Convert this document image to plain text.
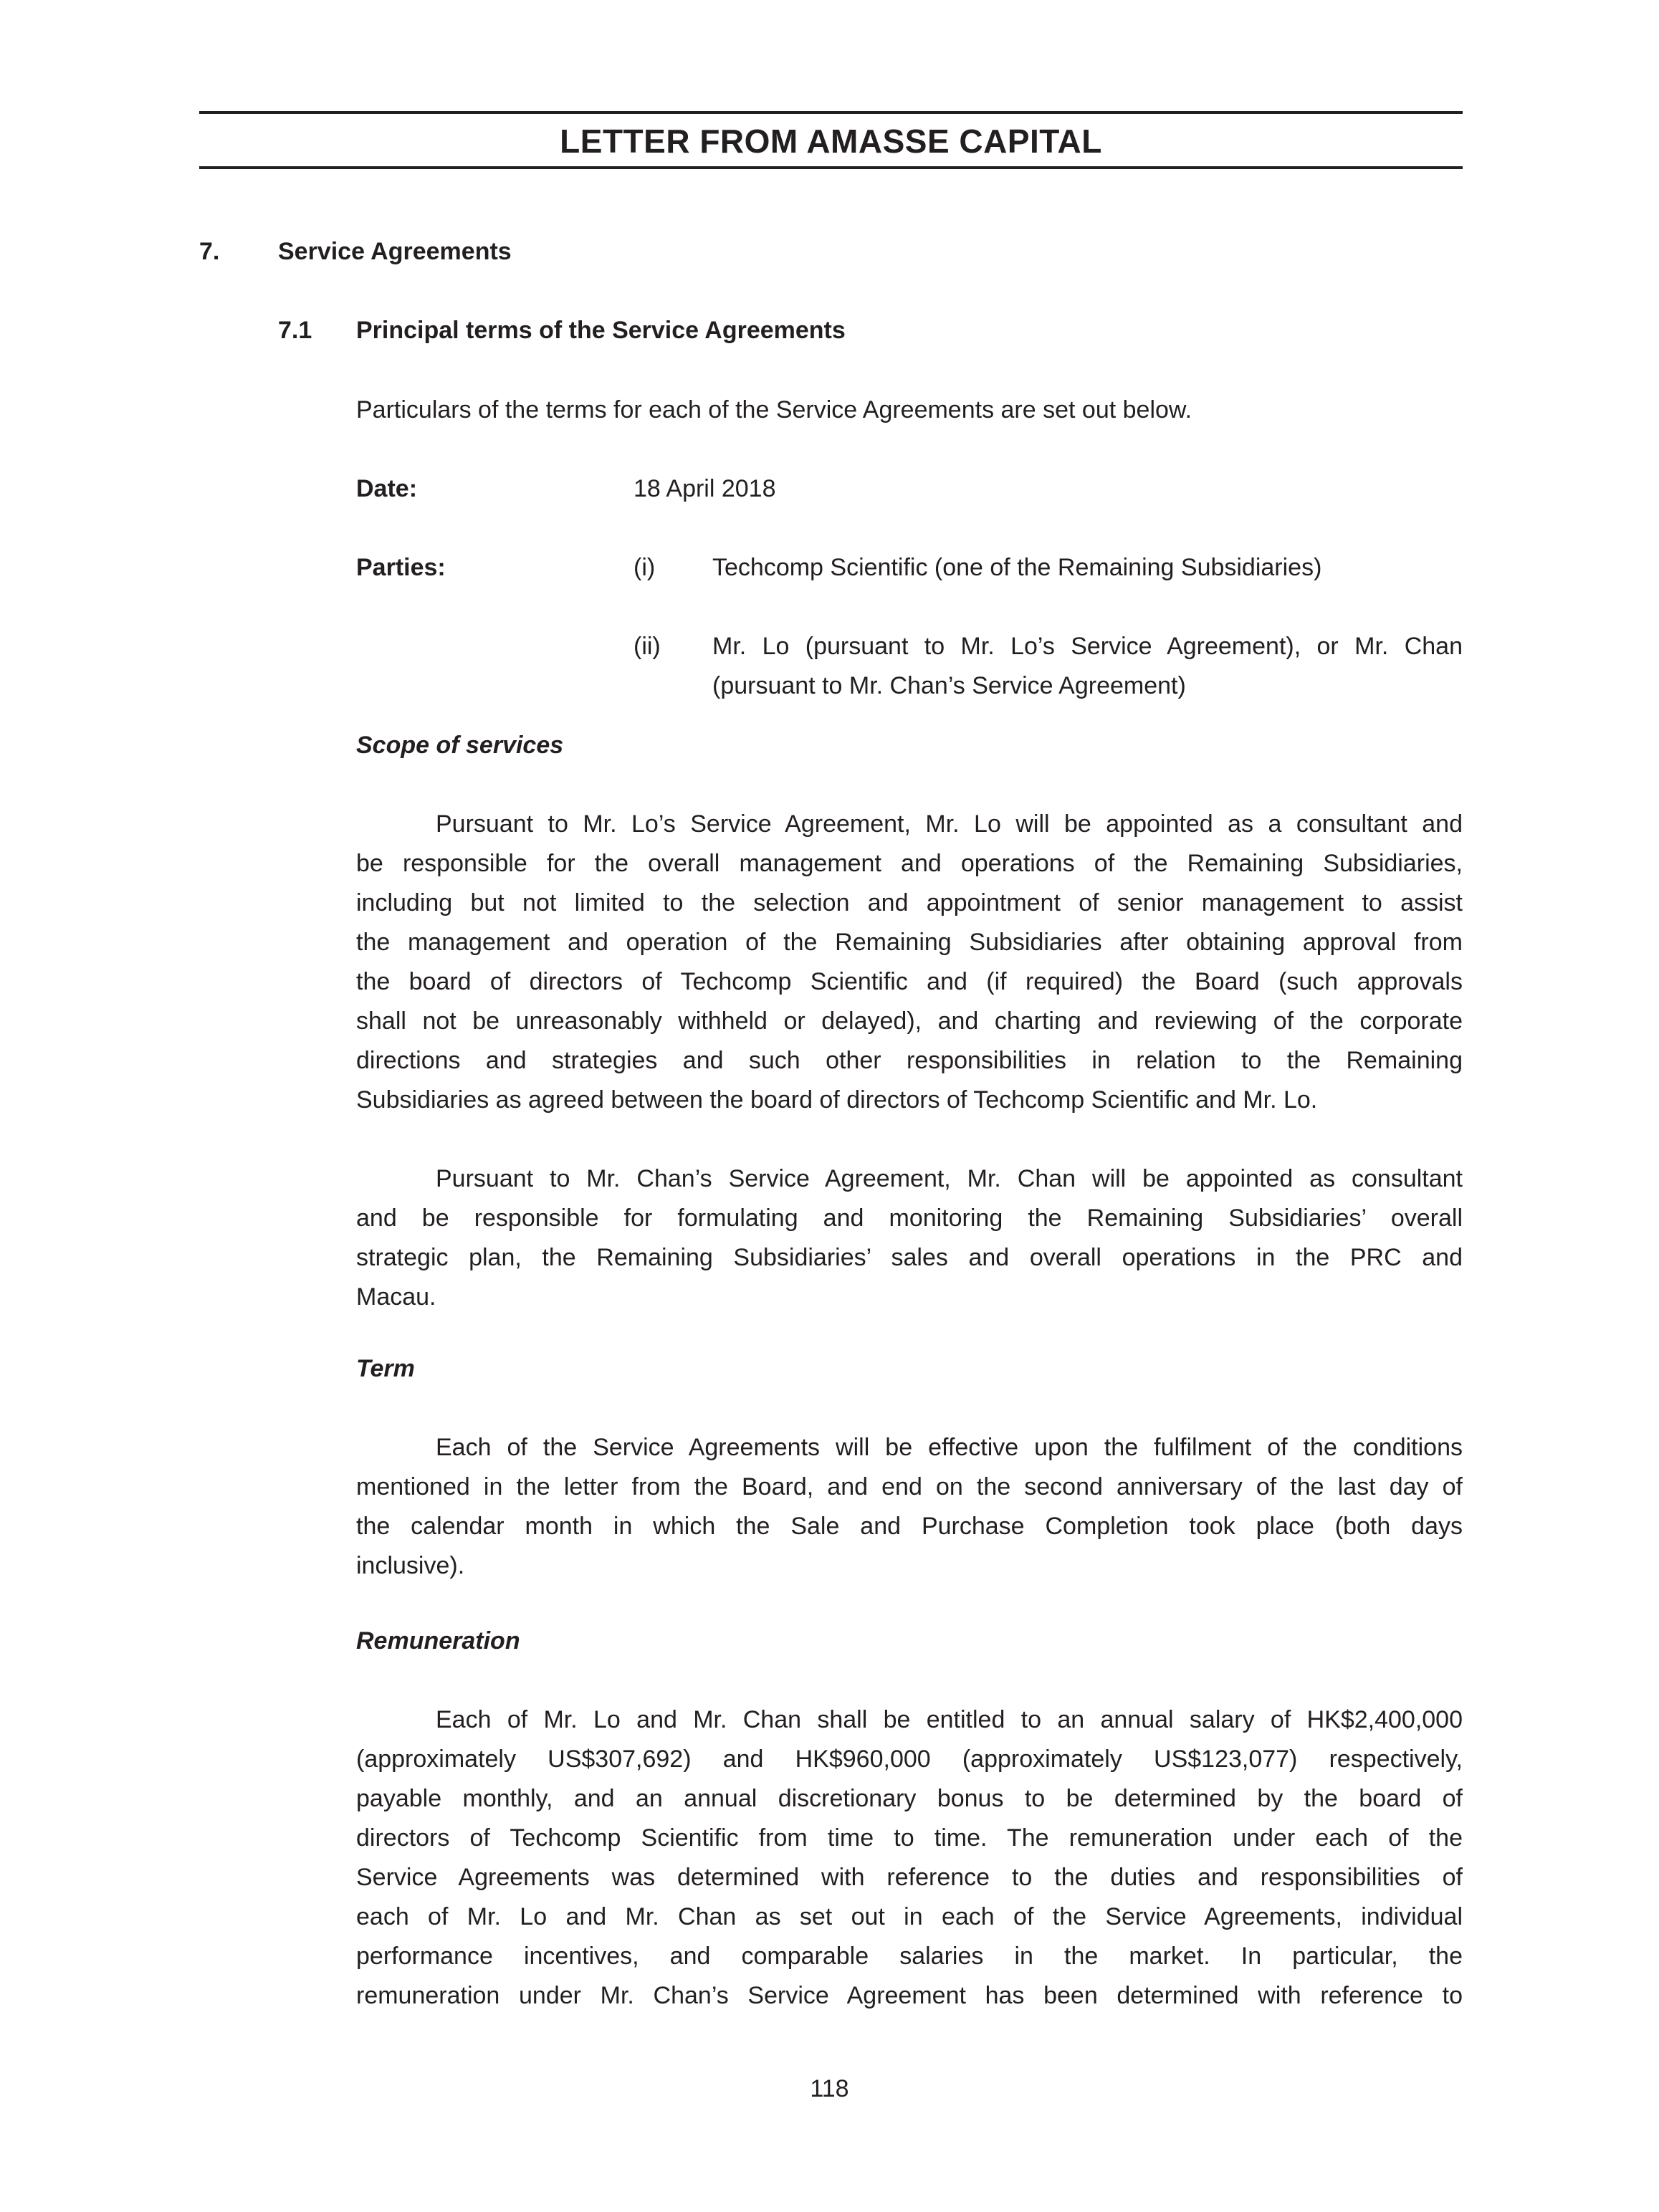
LETTER FROM AMASSE CAPITAL
7. Service Agreements
7.1 Principal terms of the Service Agreements
Particulars of the terms for each of the Service Agreements are set out below.
Date:	18 April 2018
Parties:	(i) Techcomp Scientific (one of the Remaining Subsidiaries)
(ii) Mr. Lo (pursuant to Mr. Lo’s Service Agreement), or Mr. Chan
(pursuant to Mr. Chan’s Service Agreement)
Scope of services
Pursuant to Mr. Lo’s Service Agreement, Mr. Lo will be appointed as a consultant and
be responsible for the overall management and operations of the Remaining Subsidiaries,
including but not limited to the selection and appointment of senior management to assist
the management and operation of the Remaining Subsidiaries after obtaining approval from
the board of directors of Techcomp Scientific and (if required) the Board (such approvals
shall not be unreasonably withheld or delayed), and charting and reviewing of the corporate
directions and strategies and such other responsibilities in relation to the Remaining
Subsidiaries as agreed between the board of directors of Techcomp Scientific and Mr. Lo.
Pursuant to Mr. Chan’s Service Agreement, Mr. Chan will be appointed as consultant
and be responsible for formulating and monitoring the Remaining Subsidiaries’ overall
strategic plan, the Remaining Subsidiaries’ sales and overall operations in the PRC and
Macau.
Term
Each of the Service Agreements will be effective upon the fulfilment of the conditions
mentioned in the letter from the Board, and end on the second anniversary of the last day of
the calendar month in which the Sale and Purchase Completion took place (both days
inclusive).
Remuneration
Each of Mr. Lo and Mr. Chan shall be entitled to an annual salary of HK$2,400,000
(approximately US$307,692) and HK$960,000 (approximately US$123,077) respectively,
payable monthly, and an annual discretionary bonus to be determined by the board of
directors of Techcomp Scientific from time to time. The remuneration under each of the
Service Agreements was determined with reference to the duties and responsibilities of
each of Mr. Lo and Mr. Chan as set out in each of the Service Agreements, individual
performance incentives, and comparable salaries in the market. In particular, the
remuneration under Mr. Chan’s Service Agreement has been determined with reference to
118
